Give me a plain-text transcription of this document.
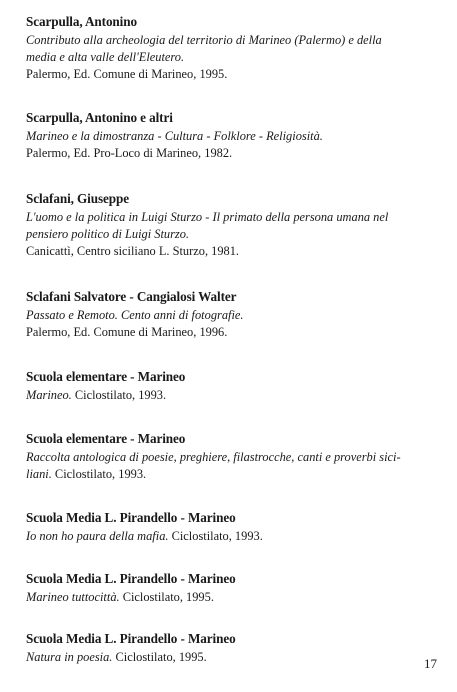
Scarpulla, Antonino
Contributo alla archeologia del territorio di Marineo (Palermo) e della
media e alta valle dell'Eleutero.
Palermo, Ed. Comune di Marineo, 1995.
Scarpulla, Antonino e altri
Marineo e la dimostranza - Cultura - Folklore - Religiosità.
Palermo, Ed. Pro-Loco di Marineo, 1982.
Sclafani, Giuseppe
L'uomo e la politica in Luigi Sturzo - Il primato della persona umana nel
pensiero politico di Luigi Sturzo.
Canicattì, Centro siciliano L. Sturzo, 1981.
Sclafani Salvatore - Cangialosi Walter
Passato e Remoto. Cento anni di fotografie.
Palermo, Ed. Comune di Marineo, 1996.
Scuola elementare - Marineo
Marineo. Ciclostilato, 1993.
Scuola elementare - Marineo
Raccolta antologica di poesie, preghiere, filastrocche, canti e proverbi sici-
liani. Ciclostilato, 1993.
Scuola Media L. Pirandello - Marineo
Io non ho paura della mafia. Ciclostilato, 1993.
Scuola Media L. Pirandello - Marineo
Marineo tuttocittà. Ciclostilato, 1995.
Scuola Media L. Pirandello - Marineo
Natura in poesia. Ciclostilato, 1995.	17
